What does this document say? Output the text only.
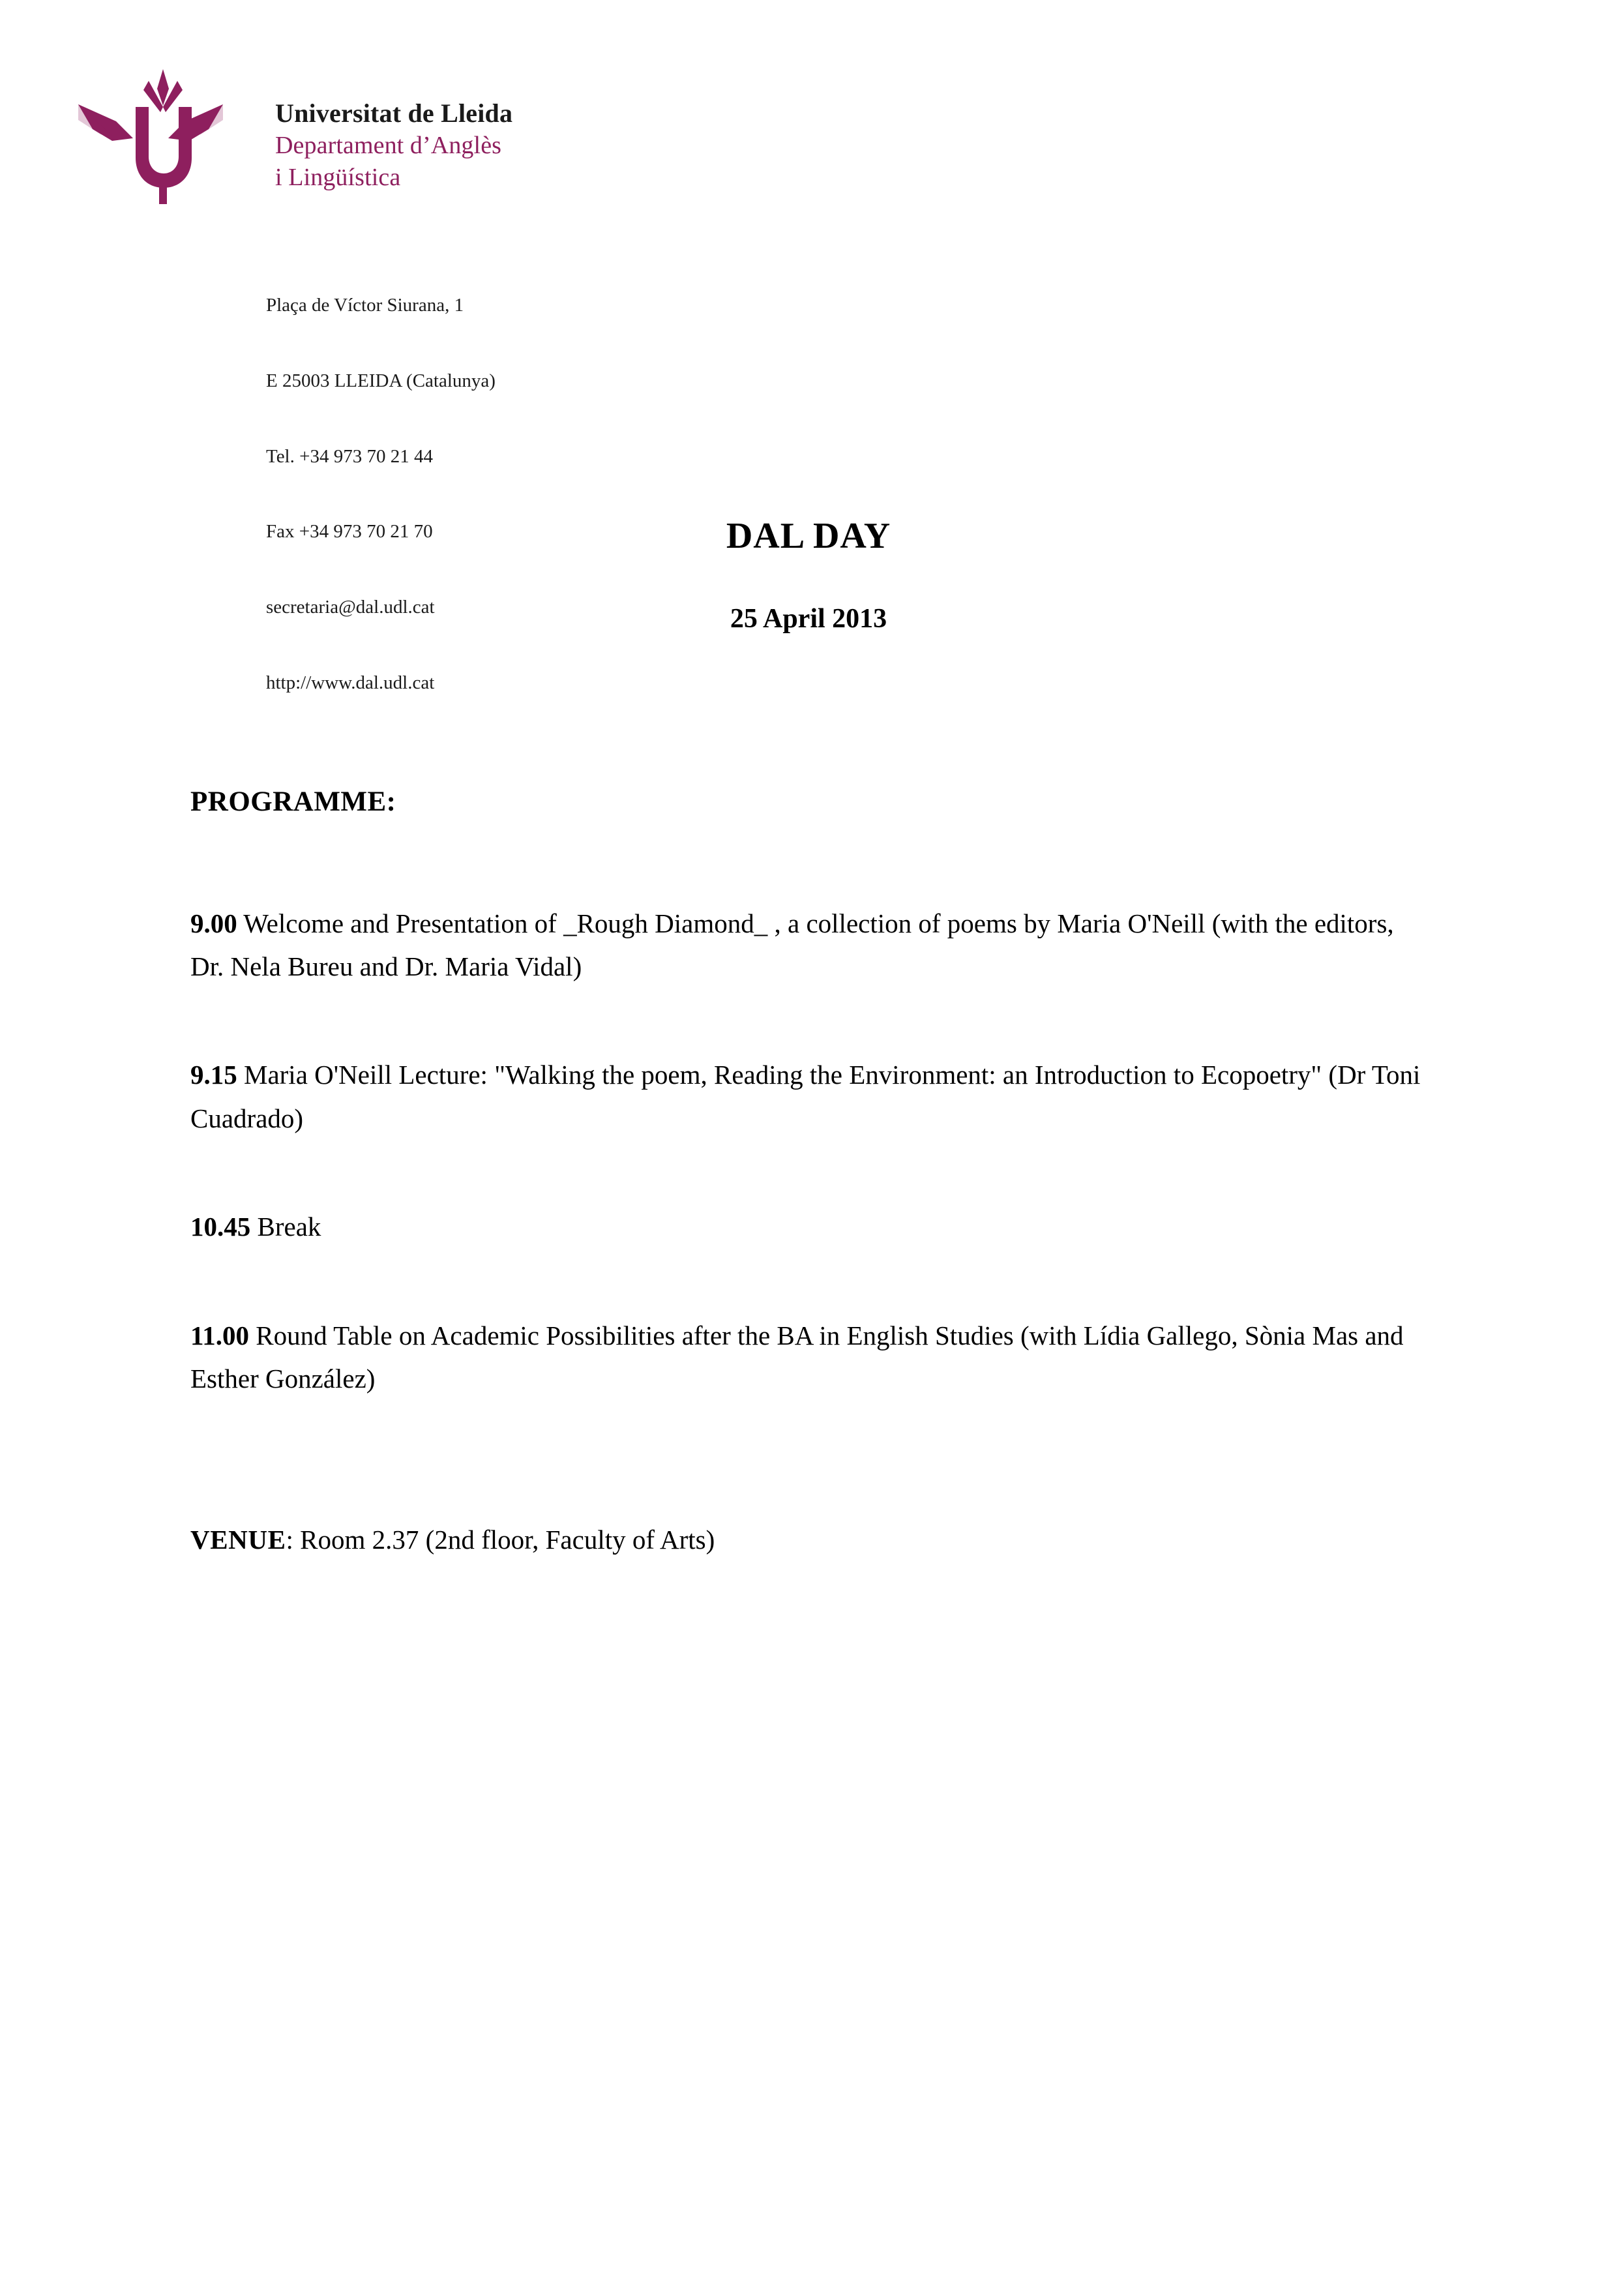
Universitat de Lleida
Departament d’Anglès
i Lingüística

Plaça de Víctor Siurana, 1

E 25003 LLEIDA (Catalunya)

Tel. +34 973 70 21 44

Fax +34 973 70 21 70

secretaria@dal.udl.cat

http://www.dal.udl.cat

DAL DAY
25 April 2013
PROGRAMME:

9.00 Welcome and Presentation of _Rough Diamond_ , a collection of poems by Maria O'Neill (with the editors, Dr. Nela Bureu and Dr. Maria Vidal)

9.15 Maria O'Neill Lecture: "Walking the poem, Reading the Environment: an Introduction to Ecopoetry" (Dr Toni Cuadrado)

10.45 Break

11.00 Round Table on Academic Possibilities after the BA in English Studies (with Lídia Gallego, Sònia Mas and Esther González)

VENUE: Room 2.37 (2nd floor, Faculty of Arts)
